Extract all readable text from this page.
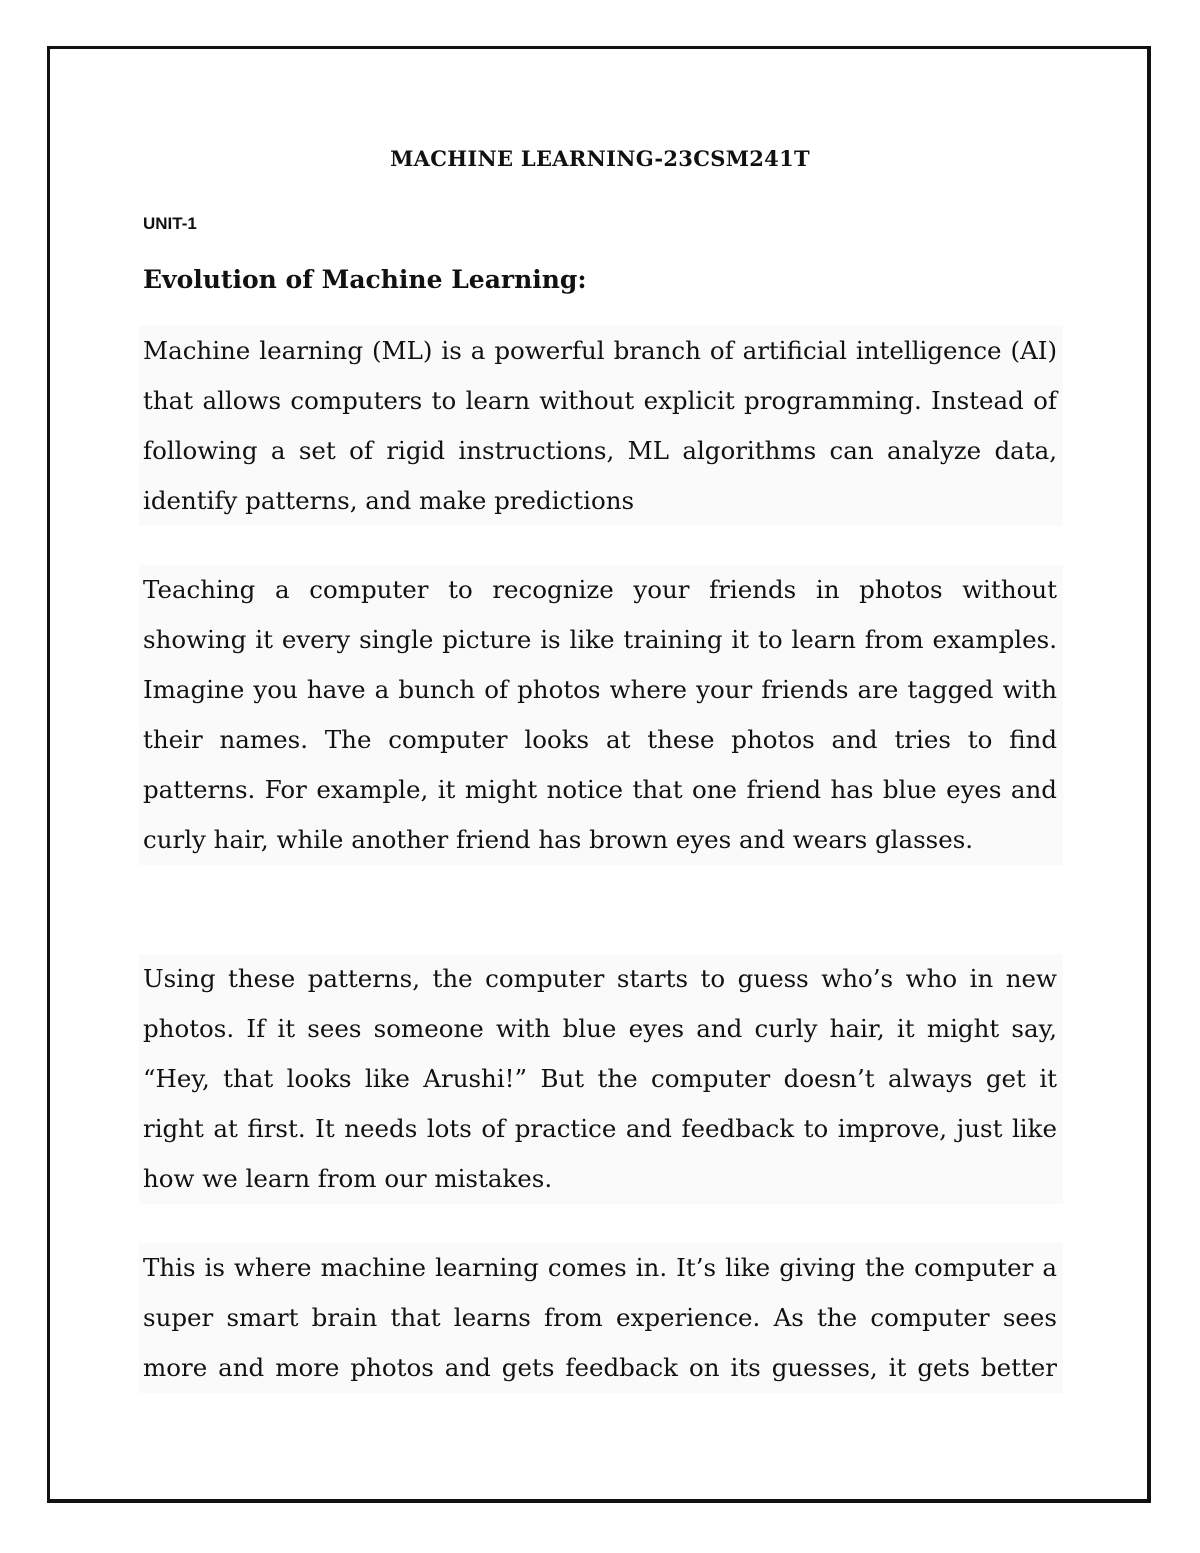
MACHINE LEARNING-23CSM241T
UNIT-1
Evolution of Machine Learning:

Machine learning (ML) is a powerful branch of artificial intelligence (AI) that allows computers to learn without explicit programming. Instead of following a set of rigid instructions, ML algorithms can analyze data, identify patterns, and make predictions

Teaching a computer to recognize your friends in photos without showing it every single picture is like training it to learn from examples. Imagine you have a bunch of photos where your friends are tagged with their names. The computer looks at these photos and tries to find patterns. For example, it might notice that one friend has blue eyes and curly hair, while another friend has brown eyes and wears glasses.

Using these patterns, the computer starts to guess who’s who in new photos. If it sees someone with blue eyes and curly hair, it might say, “Hey, that looks like Arushi!” But the computer doesn’t always get it right at first. It needs lots of practice and feedback to improve, just like how we learn from our mistakes.

This is where machine learning comes in. It’s like giving the computer a super smart brain that learns from experience. As the computer sees more and more photos and gets feedback on its guesses, it gets better
